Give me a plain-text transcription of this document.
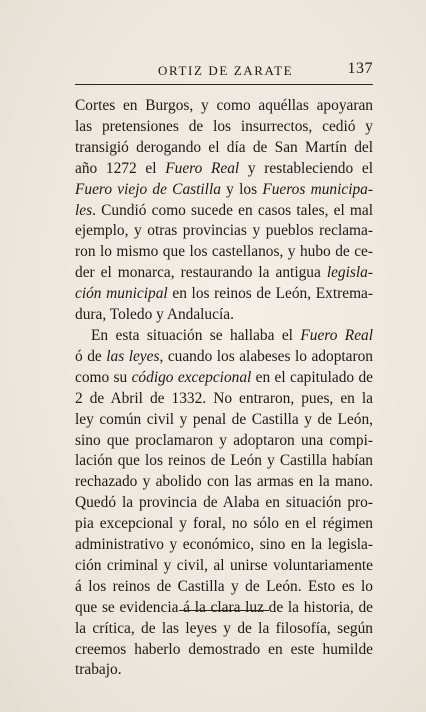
ORTIZ DE ZARATE	137
Cortes en Burgos, y como aquéllas apoyaran
las pretensiones de los insurrectos, cedió y
transigió derogando el día de San Martín del
año 1272 el Fuero Real y restableciendo el
Fuero viejo de Castilla y los Fueros municipa-
les. Cundió como sucede en casos tales, el mal
ejemplo, y otras provincias y pueblos reclama-
ron lo mismo que los castellanos, y hubo de ce-
der el monarca, restaurando la antigua legisla-
ción municipal en los reinos de León, Extrema-
dura, Toledo y Andalucía.
En esta situación se hallaba el Fuero Real
ó de las leyes, cuando los alabeses lo adoptaron
como su código excepcional en el capitulado de
2 de Abril de 1332. No entraron, pues, en la
ley común civil y penal de Castilla y de León,
sino que proclamaron y adoptaron una compi-
lación que los reinos de León y Castilla habían
rechazado y abolido con las armas en la mano.
Quedó la provincia de Alaba en situación pro-
pia excepcional y foral, no sólo en el régimen
administrativo y económico, sino en la legisla-
ción criminal y civil, al unirse voluntariamente
á los reinos de Castilla y de León. Esto es lo
que se evidencia á la clara luz de la historia, de
la crítica, de las leyes y de la filosofía, según
creemos haberlo demostrado en este humilde
trabajo.
